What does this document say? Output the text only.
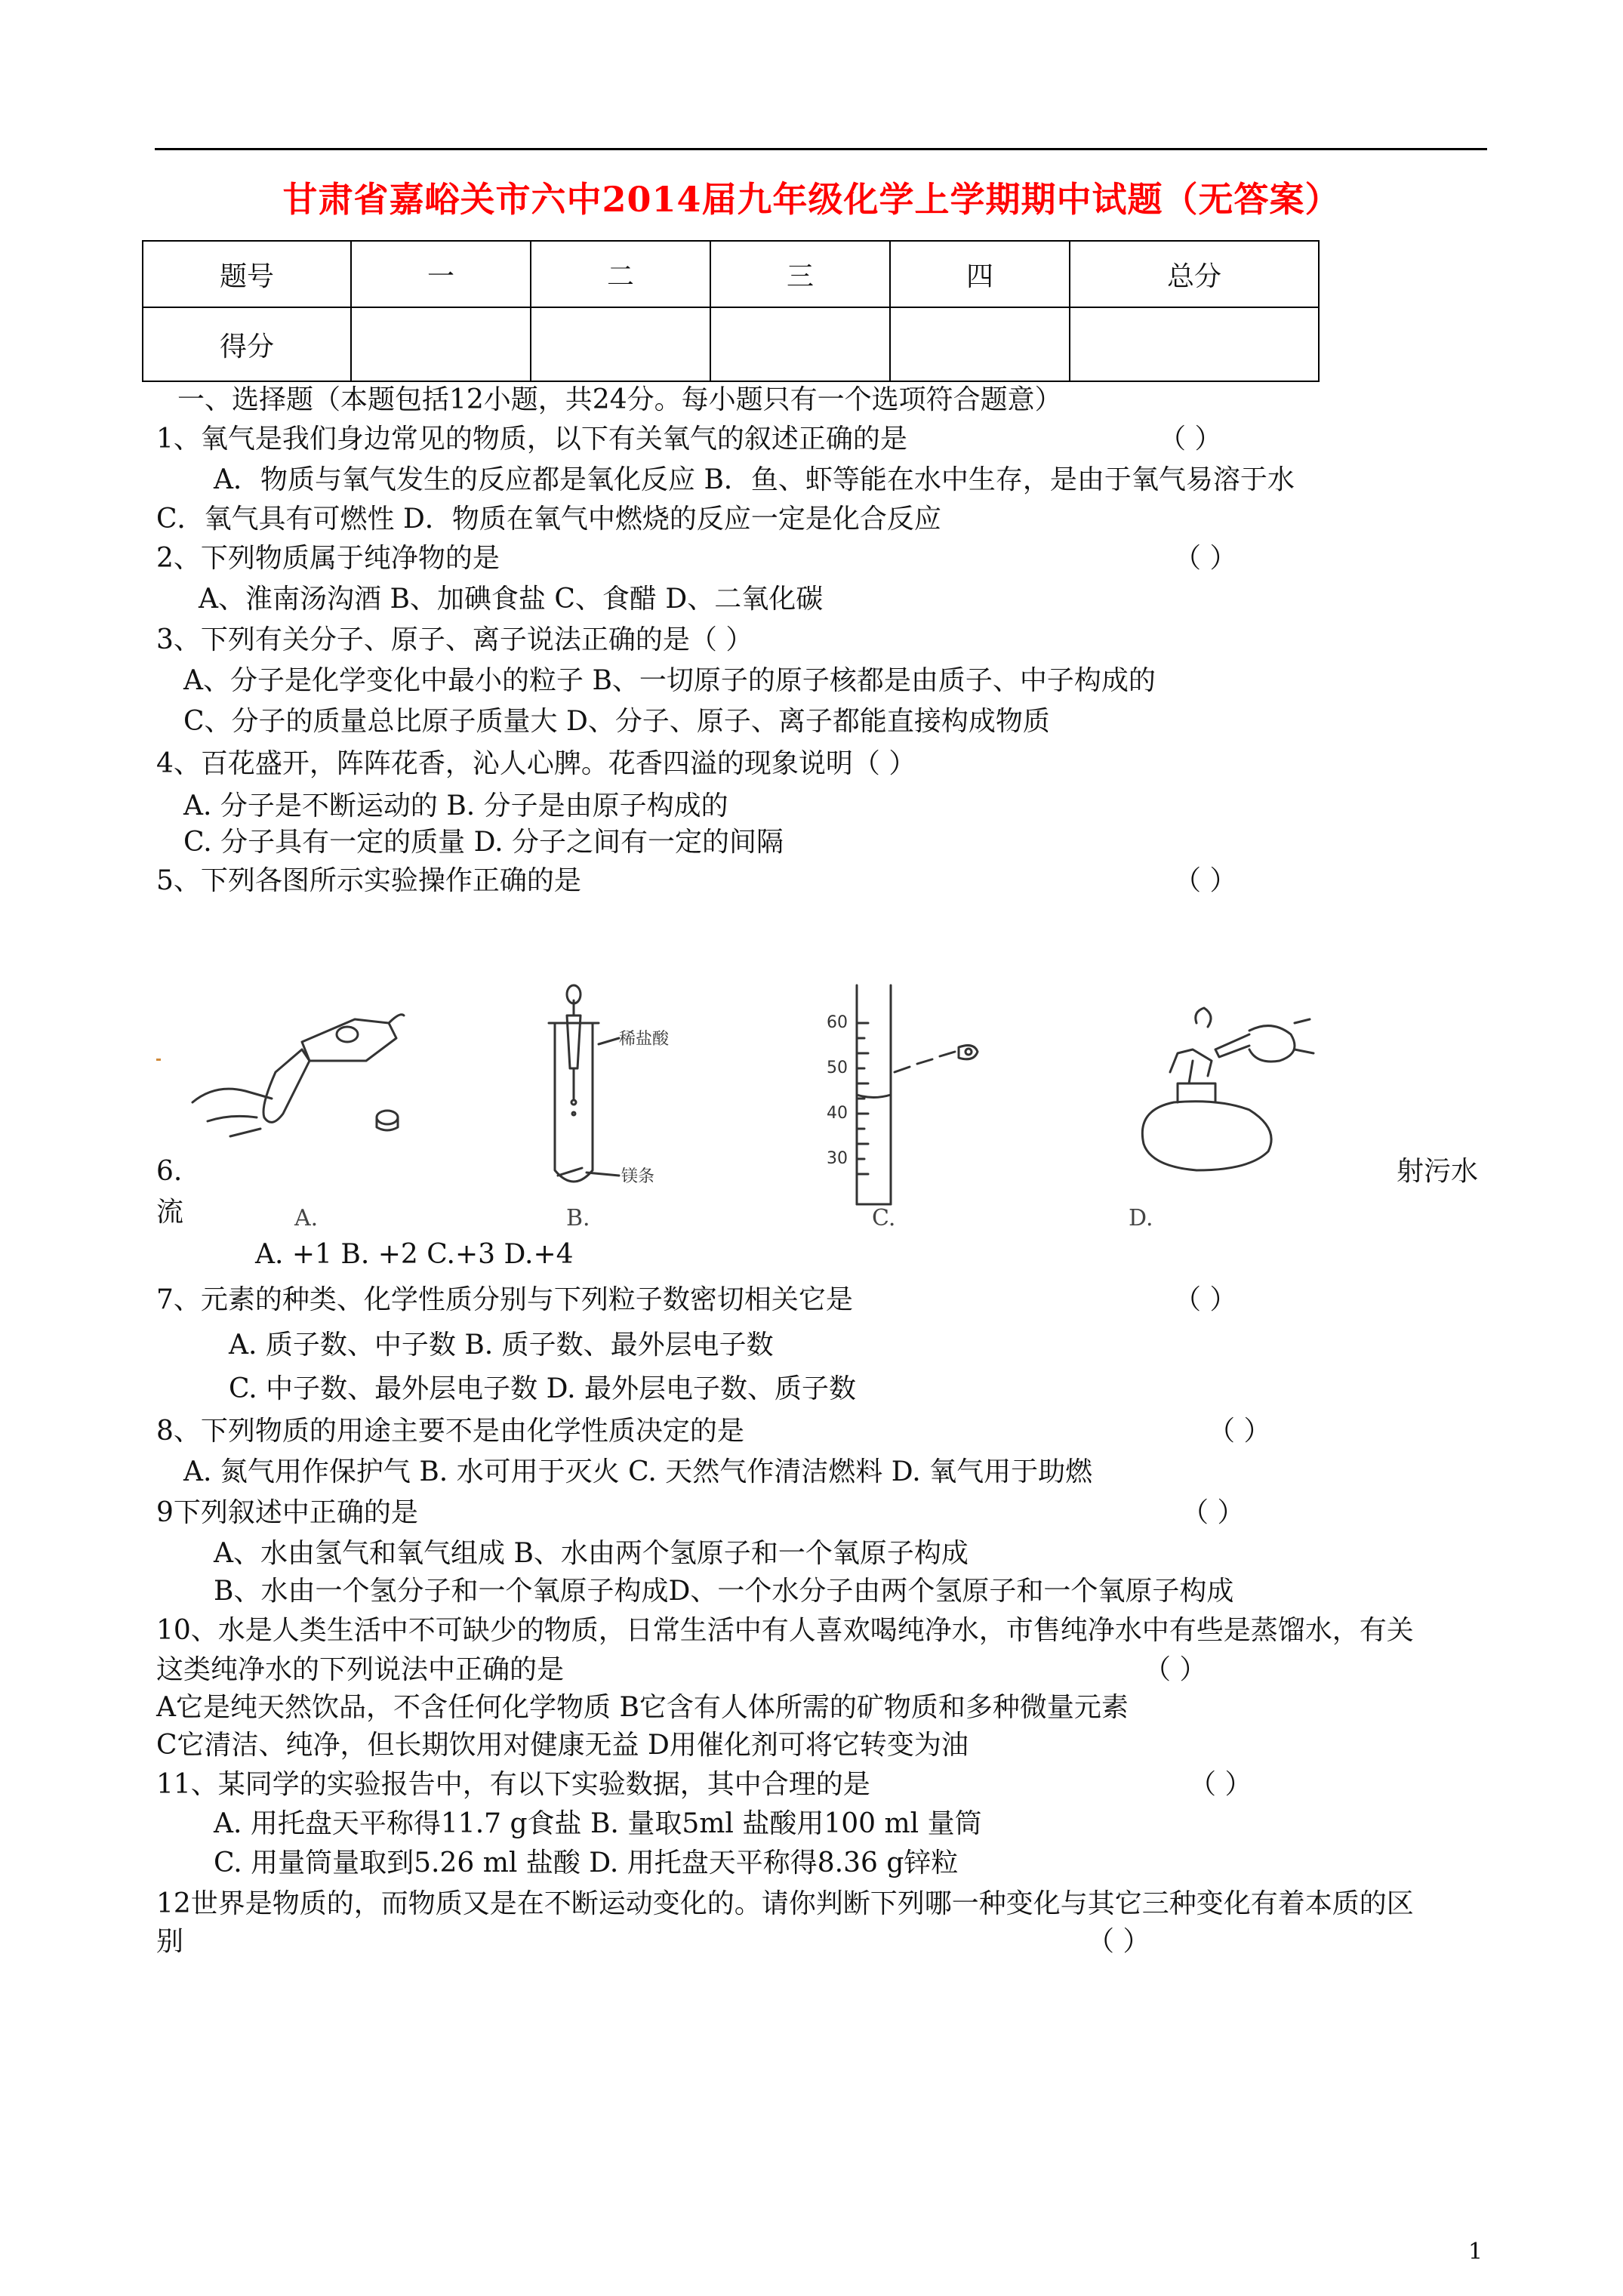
甘肃省嘉峪关市六中2014届九年级化学上学期期中试题（无答案）
题号	一	二	三	四	总分
得分					
一、选择题（本题包括12小题，共24分。每小题只有一个选项符合题意）
1、氧气是我们身边常见的物质，以下有关氧气的叙述正确的是	（ ）
A．物质与氧气发生的反应都是氧化反应 B．鱼、虾等能在水中生存，是由于氧气易溶于水
C．氧气具有可燃性 D．物质在氧气中燃烧的反应一定是化合反应
2、下列物质属于纯净物的是	（ ）
A、淮南汤沟酒 B、加碘食盐 C、食醋 D、二氧化碳
3、下列有关分子、原子、离子说法正确的是（ ）
A、分子是化学变化中最小的粒子 B、一切原子的原子核都是由质子、中子构成的
C、分子的质量总比原子质量大 D、分子、原子、离子都能直接构成物质
4、百花盛开，阵阵花香，沁人心脾。花香四溢的现象说明（ ）
A. 分子是不断运动的 B. 分子是由原子构成的
C. 分子具有一定的质量 D. 分子之间有一定的间隔
5、下列各图所示实验操作正确的是	（ ）
稀盐酸
镁条
60
50
40
30
A.	B.	C.	D.
6.	射污水
流
A. +1 B. +2 C.+3 D.+4
7、元素的种类、化学性质分别与下列粒子数密切相关它是	（ ）
A. 质子数、中子数 B. 质子数、最外层电子数
C. 中子数、最外层电子数 D. 最外层电子数、质子数
8、下列物质的用途主要不是由化学性质决定的是	（ ）
A. 氮气用作保护气 B. 水可用于灭火 C. 天然气作清洁燃料 D. 氧气用于助燃
9下列叙述中正确的是	（ ）
A、水由氢气和氧气组成 B、水由两个氢原子和一个氧原子构成
B、水由一个氢分子和一个氧原子构成D、一个水分子由两个氢原子和一个氧原子构成
10、水是人类生活中不可缺少的物质，日常生活中有人喜欢喝纯净水，市售纯净水中有些是蒸馏水，有关
这类纯净水的下列说法中正确的是	（ ）
A它是纯天然饮品，不含任何化学物质 B它含有人体所需的矿物质和多种微量元素
C它清洁、纯净，但长期饮用对健康无益 D用催化剂可将它转变为油
11、某同学的实验报告中，有以下实验数据，其中合理的是	（ ）
A. 用托盘天平称得11.7 g食盐 B. 量取5ml 盐酸用100 ml 量筒
C. 用量筒量取到5.26 ml 盐酸 D. 用托盘天平称得8.36 g锌粒
12世界是物质的，而物质又是在不断运动变化的。请你判断下列哪一种变化与其它三种变化有着本质的区
别	（ ）
1
